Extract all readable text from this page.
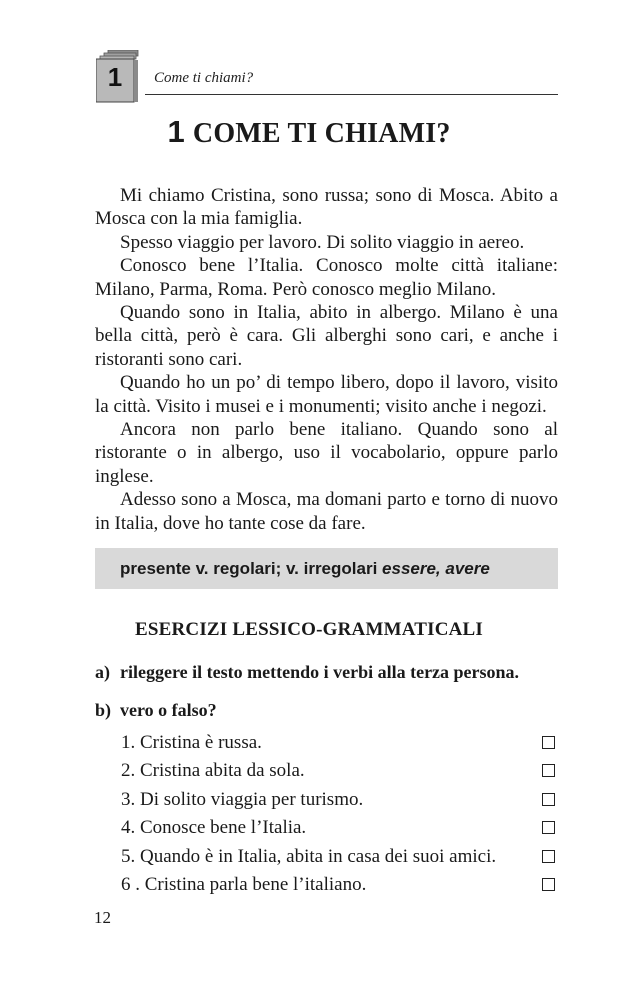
1	Come ti chiami?
1 COME TI CHIAMI?

Mi chiamo Cristina, sono russa; sono di Mosca. Abito a Mosca con la mia famiglia.

Spesso viaggio per lavoro. Di solito viaggio in aereo.

Conosco bene l’Italia. Conosco molte città italiane: Milano, Parma, Roma. Però conosco meglio Milano.

Quando sono in Italia, abito in albergo. Milano è una bella città, però è cara. Gli alberghi sono cari, e anche i ristoranti sono cari.

Quando ho un po’ di tempo libero, dopo il lavoro, visito la città. Visito i musei e i monumenti; visito anche i negozi.

Ancora non parlo bene italiano. Quando sono al ristorante o in albergo, uso il vocabolario, oppure parlo inglese.

Adesso sono a Mosca, ma domani parto e torno di nuovo in Italia, dove ho tante cose da fare.

presente v. regolari; v. irregolari essere, avere
ESERCIZI LESSICO-GRAMMATICALI
a) rileggere il testo mettendo i verbi alla terza persona.
b) vero o falso?
1. Cristina è russa.
2. Cristina abita da sola.
3. Di solito viaggia per turismo.
4. Conosce bene l’Italia.
5. Quando è in Italia, abita in casa dei suoi amici.
6 . Cristina parla bene l’italiano.
12
